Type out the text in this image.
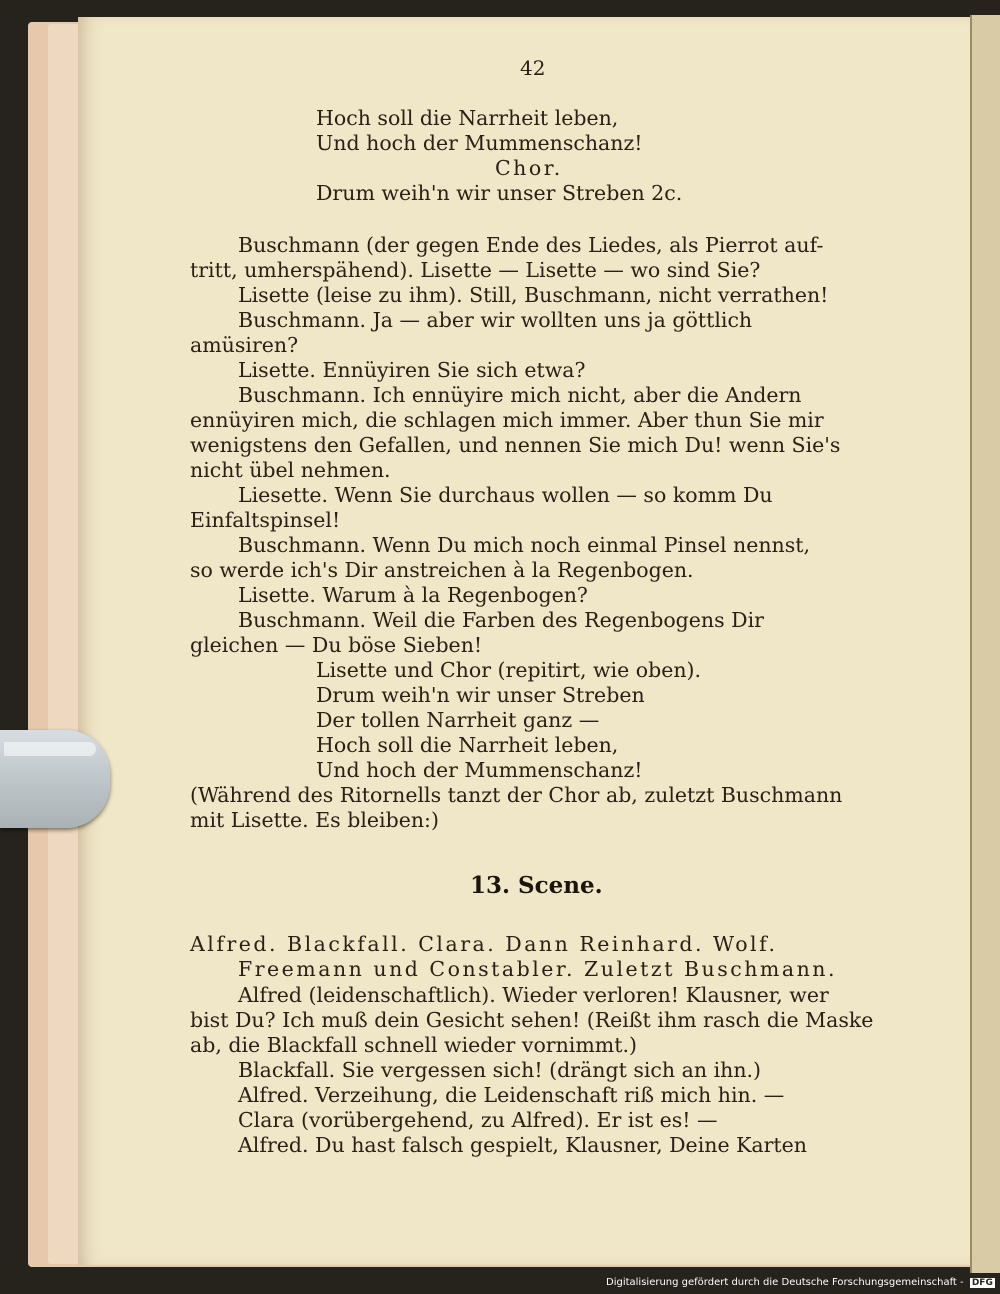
42
Hoch soll die Narrheit leben,
Und hoch der Mummenschanz!
Chor.
Drum weih'n wir unser Streben 2c.
Buschmann (der gegen Ende des Liedes, als Pierrot auf-
tritt, umherspähend). Lisette — Lisette — wo sind Sie?
Lisette (leise zu ihm). Still, Buschmann, nicht verrathen!
Buschmann. Ja — aber wir wollten uns ja göttlich
amüsiren?
Lisette. Ennüyiren Sie sich etwa?
Buschmann. Ich ennüyire mich nicht, aber die Andern
ennüyiren mich, die schlagen mich immer. Aber thun Sie mir
wenigstens den Gefallen, und nennen Sie mich Du! wenn Sie's
nicht übel nehmen.
Liesette. Wenn Sie durchaus wollen — so komm Du
Einfaltspinsel!
Buschmann. Wenn Du mich noch einmal Pinsel nennst,
so werde ich's Dir anstreichen à la Regenbogen.
Lisette. Warum à la Regenbogen?
Buschmann. Weil die Farben des Regenbogens Dir
gleichen — Du böse Sieben!
Lisette und Chor (repitirt, wie oben).
Drum weih'n wir unser Streben
Der tollen Narrheit ganz —
Hoch soll die Narrheit leben,
Und hoch der Mummenschanz!
(Während des Ritornells tanzt der Chor ab, zuletzt Buschmann
mit Lisette. Es bleiben:)
13. Scene.
Alfred. Blackfall. Clara. Dann Reinhard. Wolf.
Freemann und Constabler. Zuletzt Buschmann.
Alfred (leidenschaftlich). Wieder verloren! Klausner, wer
bist Du? Ich muß dein Gesicht sehen! (Reißt ihm rasch die Maske
ab, die Blackfall schnell wieder vornimmt.)
Blackfall. Sie vergessen sich! (drängt sich an ihn.)
Alfred. Verzeihung, die Leidenschaft riß mich hin. —
Clara (vorübergehend, zu Alfred). Er ist es! —
Alfred. Du hast falsch gespielt, Klausner, Deine Karten
Digitalisierung gefördert durch die Deutsche Forschungsgemeinschaft - DFG
